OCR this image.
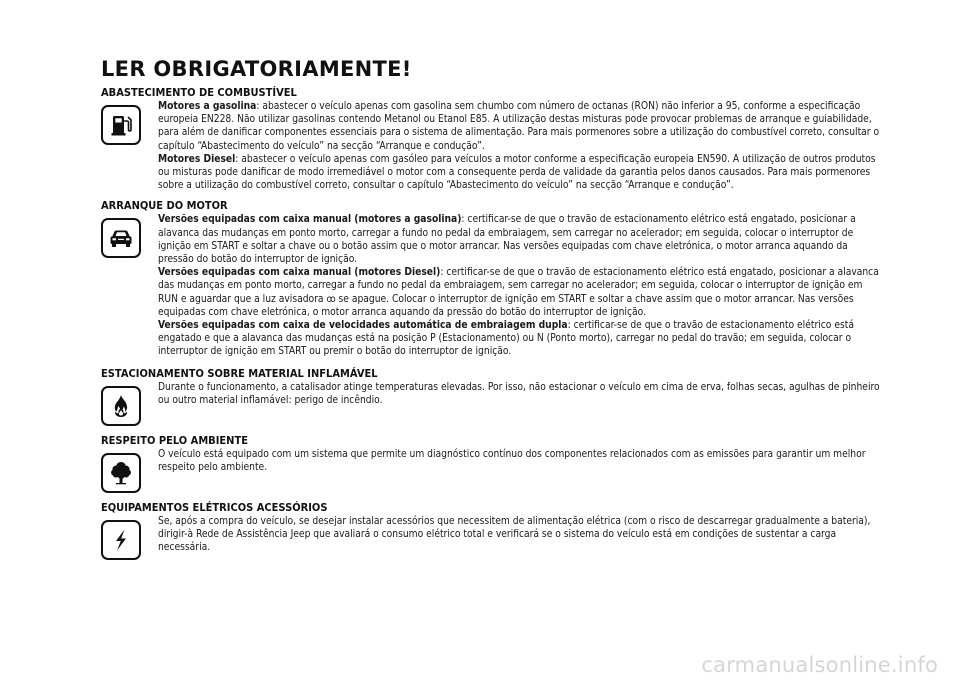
LER OBRIGATORIAMENTE!
ABASTECIMENTO DE COMBUSTÍVEL

Motores a gasolina: abastecer o veículo apenas com gasolina sem chumbo com número de octanas (RON) não inferior a 95, conforme a especificação europeia EN228. Não utilizar gasolinas contendo Metanol ou Etanol E85. A utilização destas misturas pode provocar problemas de arranque e guiabilidade, para além de danificar componentes essenciais para o sistema de alimentação. Para mais pormenores sobre a utilização do combustível correto, consultar o capítulo “Abastecimento do veículo” na secção “Arranque e condução”.

Motores Diesel: abastecer o veículo apenas com gasóleo para veículos a motor conforme a especificação europeia EN590. A utilização de outros produtos ou misturas pode danificar de modo irremediável o motor com a consequente perda de validade da garantia pelos danos causados. Para mais pormenores sobre a utilização do combustível correto, consultar o capítulo “Abastecimento do veículo” na secção “Arranque e condução”.

ARRANQUE DO MOTOR

Versões equipadas com caixa manual (motores a gasolina): certificar-se de que o travão de estacionamento elétrico está engatado, posicionar a alavanca das mudanças em ponto morto, carregar a fundo no pedal da embraiagem, sem carregar no acelerador; em seguida, colocar o interruptor de ignição em START e soltar a chave ou o botão assim que o motor arrancar. Nas versões equipadas com chave eletrónica, o motor arranca aquando da pressão do botão do interruptor de ignição.

Versões equipadas com caixa manual (motores Diesel): certificar-se de que o travão de estacionamento elétrico está engatado, posicionar a alavanca das mudanças em ponto morto, carregar a fundo no pedal da embraiagem, sem carregar no acelerador; em seguida, colocar o interruptor de ignição em RUN e aguardar que a luz avisadora ꝏ se apague. Colocar o interruptor de ignição em START e soltar a chave assim que o motor arrancar. Nas versões equipadas com chave eletrónica, o motor arranca aquando da pressão do botão do interruptor de ignição.

Versões equipadas com caixa de velocidades automática de embraiagem dupla: certificar-se de que o travão de estacionamento elétrico está engatado e que a alavanca das mudanças está na posição P (Estacionamento) ou N (Ponto morto), carregar no pedal do travão; em seguida, colocar o interruptor de ignição em START ou premir o botão do interruptor de ignição.

ESTACIONAMENTO SOBRE MATERIAL INFLAMÁVEL

Durante o funcionamento, a catalisador atinge temperaturas elevadas. Por isso, não estacionar o veículo em cima de erva, folhas secas, agulhas de pinheiro ou outro material inflamável: perigo de incêndio.

RESPEITO PELO AMBIENTE

O veículo está equipado com um sistema que permite um diagnóstico contínuo dos componentes relacionados com as emissões para garantir um melhor respeito pelo ambiente.

EQUIPAMENTOS ELÉTRICOS ACESSÓRIOS

Se, após a compra do veículo, se desejar instalar acessórios que necessitem de alimentação elétrica (com o risco de descarregar gradualmente a bateria), dirigir-à Rede de Assistência Jeep que avaliará o consumo elétrico total e verificará se o sistema do veículo está em condições de sustentar a carga necessária.

carmanualsonline.info
